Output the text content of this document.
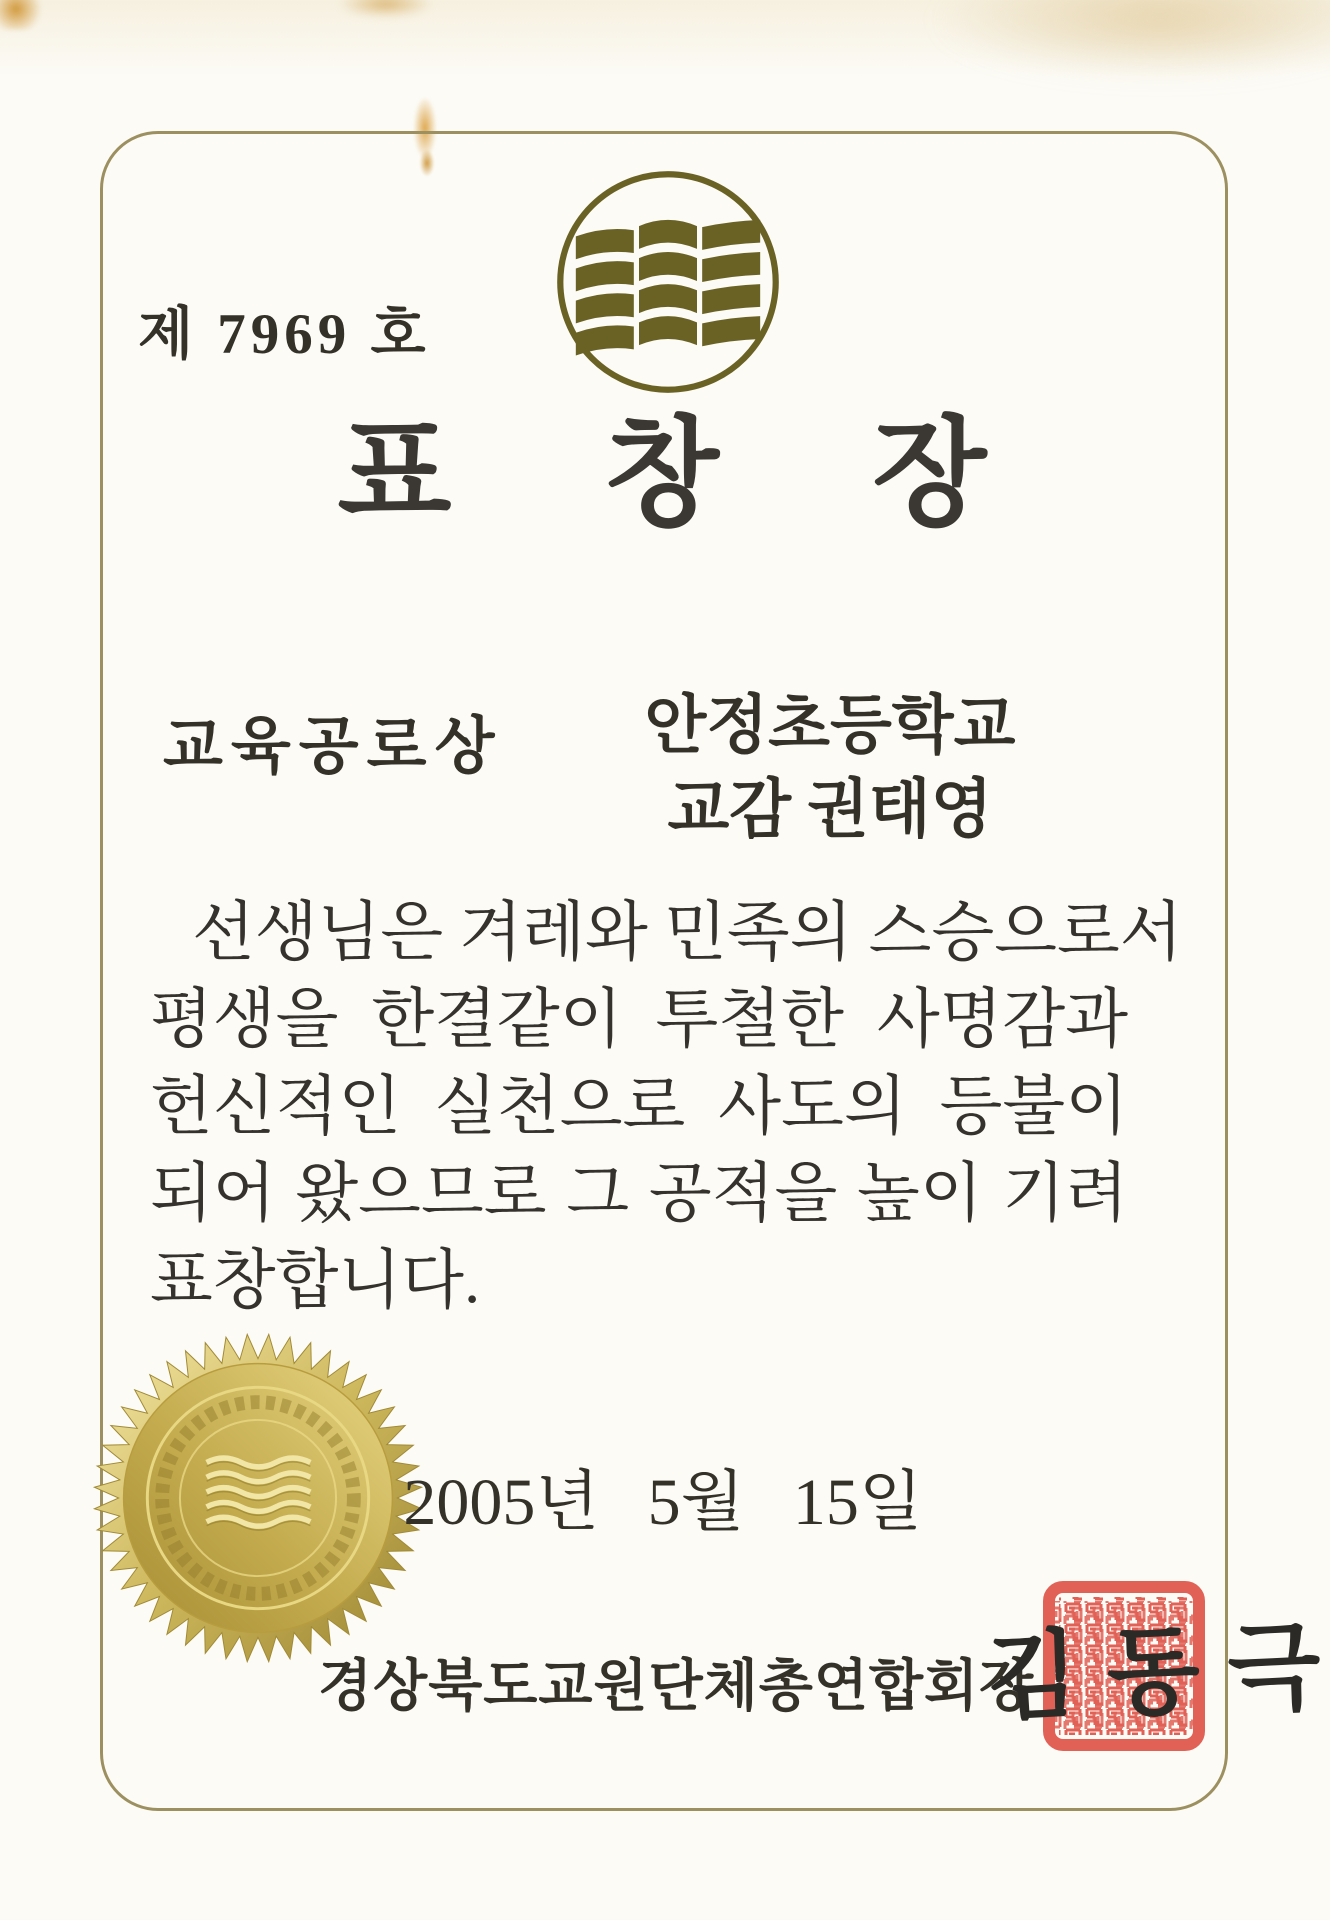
제 7969 호
표 창 장
교육공로상	안정초등학교
교감 권태영
선생님은 겨레와 민족의 스승으로서
평생을 한결같이 투철한 사명감과
헌신적인 실천으로 사도의 등불이
되어 왔으므로 그 공적을 높이 기려
표창합니다.
2005년 5월 15일
경상북도교원단체총연합회장
김 동 극
